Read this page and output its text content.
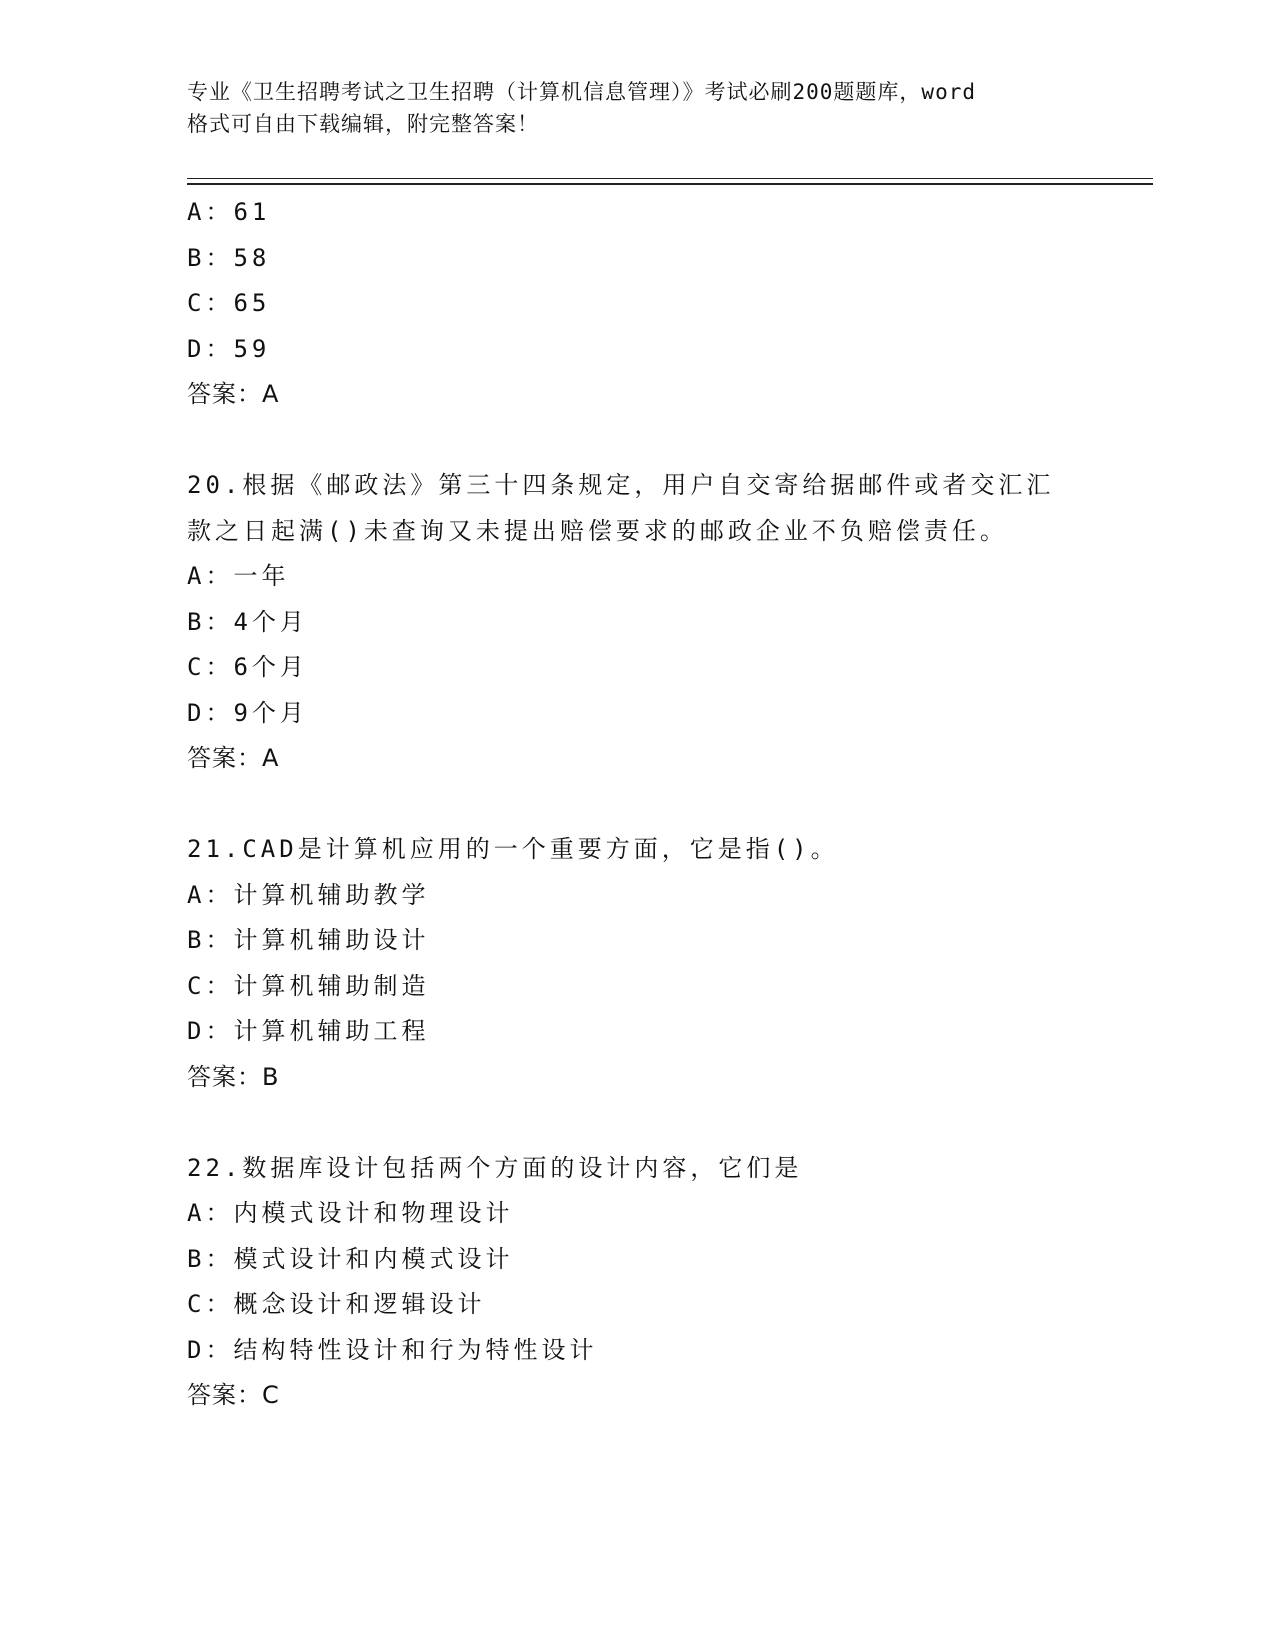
专业《卫生招聘考试之卫生招聘（计算机信息管理）》考试必刷200题题库，word
格式可自由下载编辑，附完整答案！
A：61
B：58
C：65
D：59
答案：A
20.根据《邮政法》第三十四条规定，用户自交寄给据邮件或者交汇汇
款之日起满()未查询又未提出赔偿要求的邮政企业不负赔偿责任。
A：一年
B：4个月
C：6个月
D：9个月
答案：A
21.CAD是计算机应用的一个重要方面，它是指()。
A：计算机辅助教学
B：计算机辅助设计
C：计算机辅助制造
D：计算机辅助工程
答案：B
22.数据库设计包括两个方面的设计内容，它们是
A：内模式设计和物理设计
B：模式设计和内模式设计
C：概念设计和逻辑设计
D：结构特性设计和行为特性设计
答案：C
